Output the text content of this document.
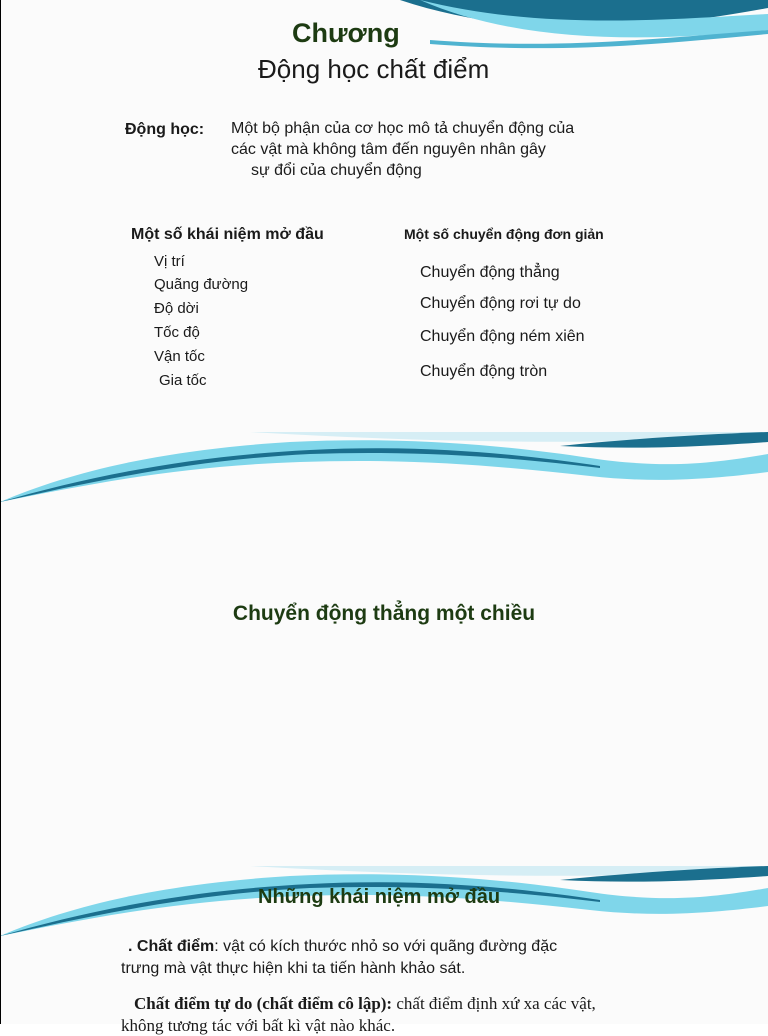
Chương
Động học chất điểm
Động học: Một bộ phận của cơ học mô tả chuyển động của
các vật mà không tâm đến nguyên nhân gây
sự đổi của chuyển động
Một số khái niệm mở đầu
Vị trí
Quãng đường
Độ dời
Tốc độ
Vận tốc
Gia tốc
Một số chuyển động đơn giản
Chuyển động thẳng
Chuyển động rơi tự do
Chuyển động ném xiên
Chuyển động tròn
Chuyển động thẳng một chiều
Những khái niệm mở đầu
. Chất điểm: vật có kích thước nhỏ so với quãng đường đặc
trưng mà vật thực hiện khi ta tiến hành khảo sát.
Chất điểm tự do (chất điểm cô lập): chất điểm định xứ xa các vật,
không tương tác với bất kì vật nào khác.
